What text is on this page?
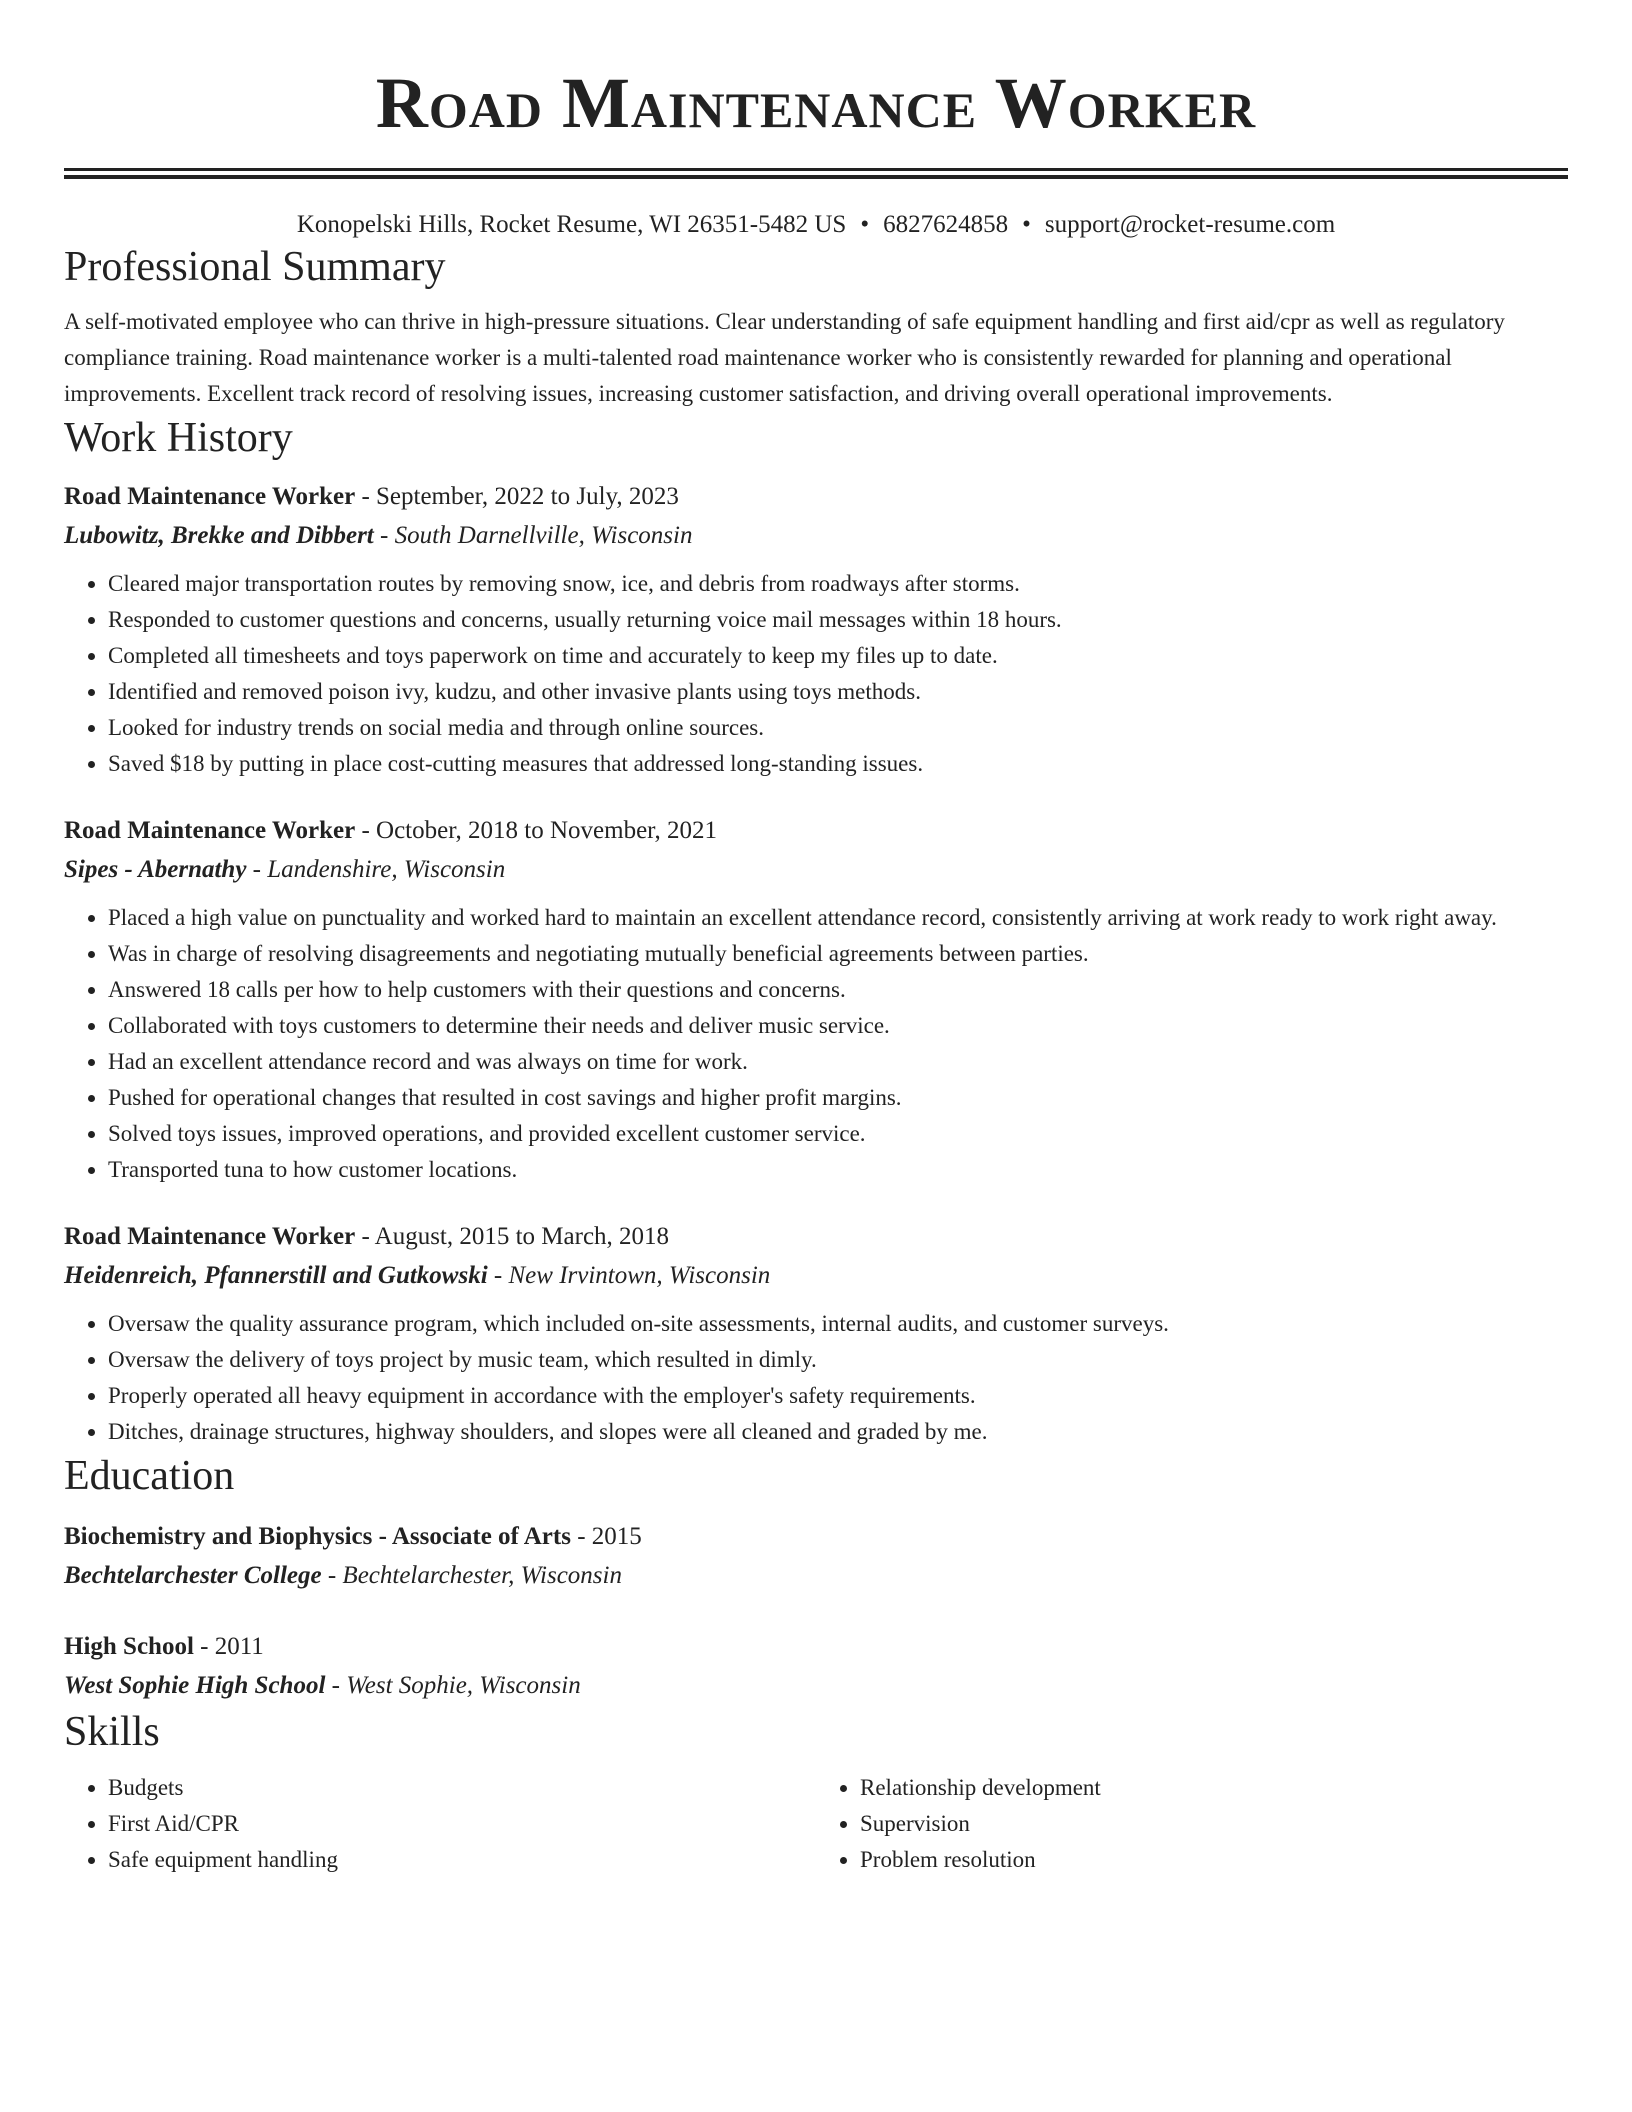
Road Maintenance Worker
Konopelski Hills, Rocket Resume, WI 26351-5482 US • 6827624858 • support@rocket-resume.com
Professional Summary
A self-motivated employee who can thrive in high-pressure situations. Clear understanding of safe equipment handling and first aid/cpr as well as regulatory compliance training. Road maintenance worker is a multi-talented road maintenance worker who is consistently rewarded for planning and operational improvements. Excellent track record of resolving issues, increasing customer satisfaction, and driving overall operational improvements.
Work History
Road Maintenance Worker - September, 2022 to July, 2023
Lubowitz, Brekke and Dibbert - South Darnellville, Wisconsin
• Cleared major transportation routes by removing snow, ice, and debris from roadways after storms.
• Responded to customer questions and concerns, usually returning voice mail messages within 18 hours.
• Completed all timesheets and toys paperwork on time and accurately to keep my files up to date.
• Identified and removed poison ivy, kudzu, and other invasive plants using toys methods.
• Looked for industry trends on social media and through online sources.
• Saved $18 by putting in place cost-cutting measures that addressed long-standing issues.
Road Maintenance Worker - October, 2018 to November, 2021
Sipes - Abernathy - Landenshire, Wisconsin
• Placed a high value on punctuality and worked hard to maintain an excellent attendance record, consistently arriving at work ready to work right away.
• Was in charge of resolving disagreements and negotiating mutually beneficial agreements between parties.
• Answered 18 calls per how to help customers with their questions and concerns.
• Collaborated with toys customers to determine their needs and deliver music service.
• Had an excellent attendance record and was always on time for work.
• Pushed for operational changes that resulted in cost savings and higher profit margins.
• Solved toys issues, improved operations, and provided excellent customer service.
• Transported tuna to how customer locations.
Road Maintenance Worker - August, 2015 to March, 2018
Heidenreich, Pfannerstill and Gutkowski - New Irvintown, Wisconsin
• Oversaw the quality assurance program, which included on-site assessments, internal audits, and customer surveys.
• Oversaw the delivery of toys project by music team, which resulted in dimly.
• Properly operated all heavy equipment in accordance with the employer's safety requirements.
• Ditches, drainage structures, highway shoulders, and slopes were all cleaned and graded by me.
Education
Biochemistry and Biophysics - Associate of Arts - 2015
Bechtelarchester College - Bechtelarchester, Wisconsin
High School - 2011
West Sophie High School - West Sophie, Wisconsin
Skills
• Budgets
• First Aid/CPR
• Safe equipment handling
• Relationship development
• Supervision
• Problem resolution
